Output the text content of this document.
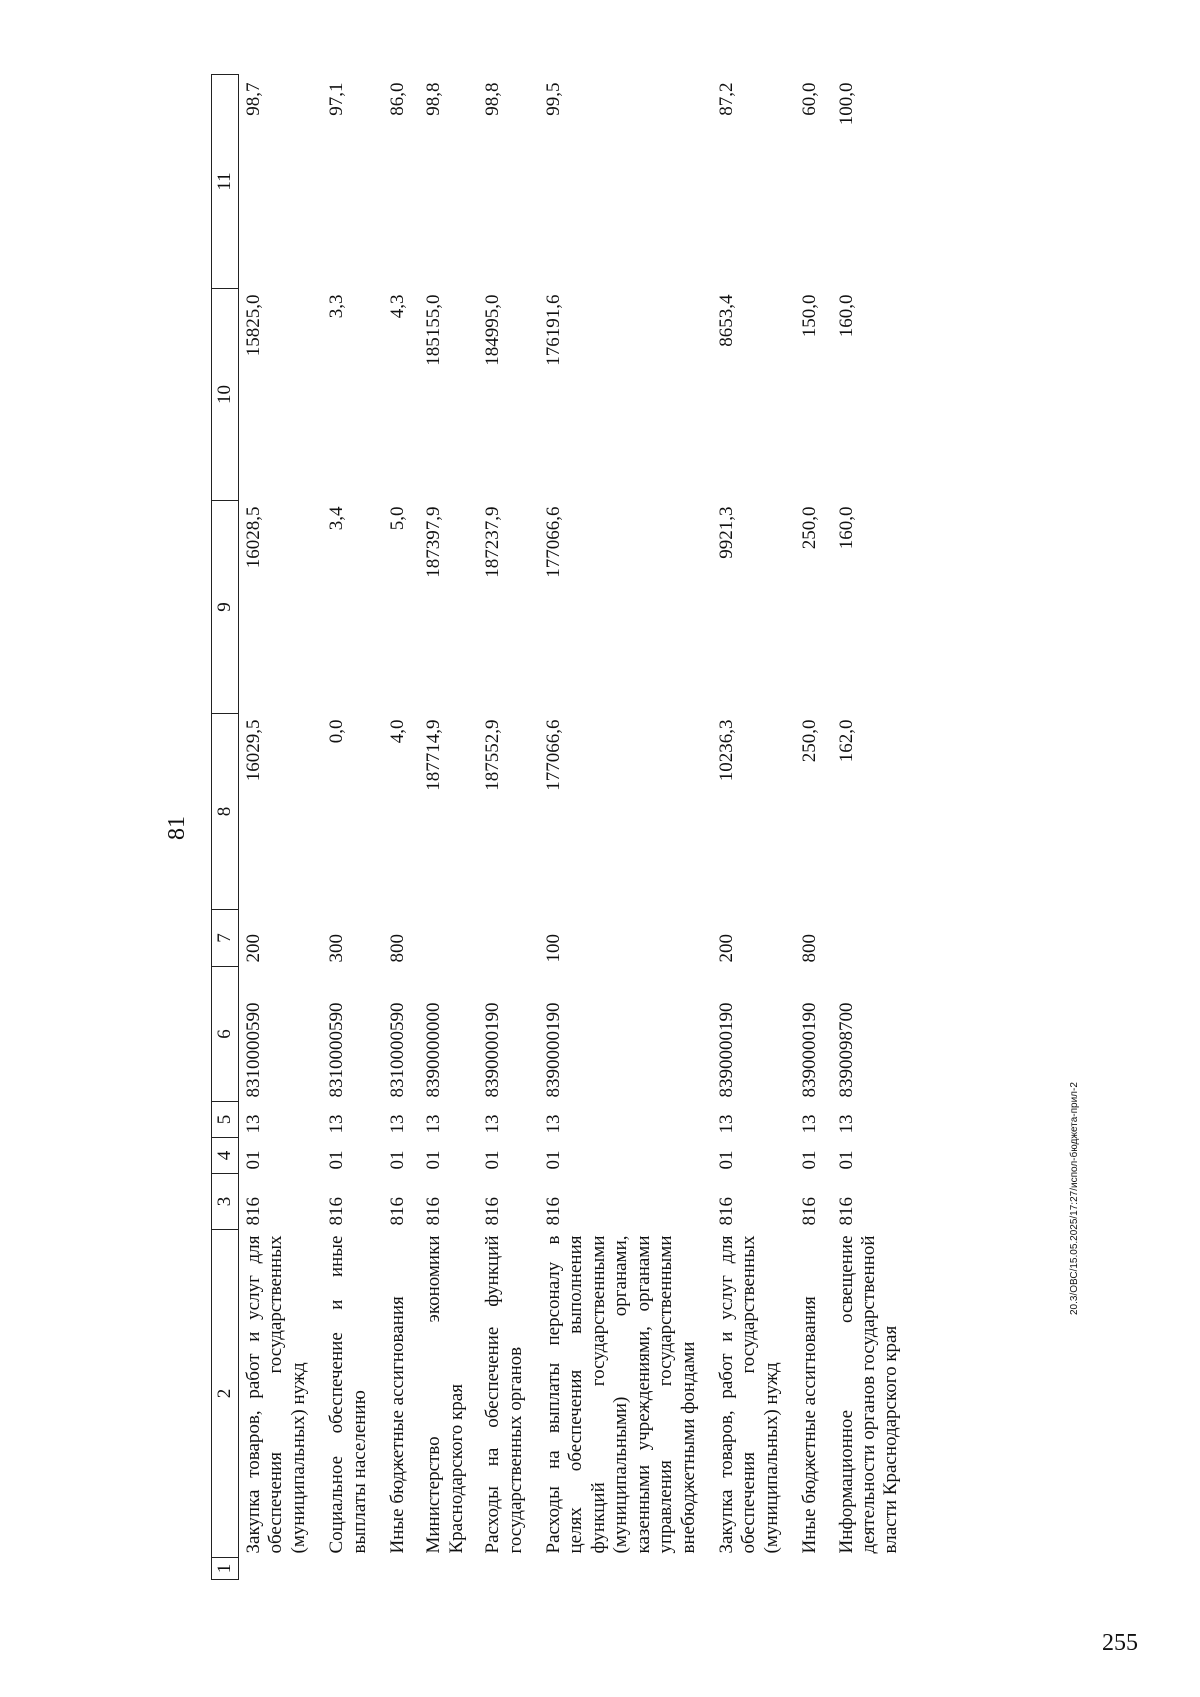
81
1	2	3	4	5	6	7	8	9	10	11
	Закупка товаров, работ и услуг для обеспечения государственных (муниципальных) нужд	816	01	13	8310000590	200	16029,5	16028,5	15825,0	98,7
	Социальное обеспечение и иные выплаты населению	816	01	13	8310000590	300	0,0	3,4	3,3	97,1
	Иные бюджетные ассигнования	816	01	13	8310000590	800	4,0	5,0	4,3	86,0
	Министерство экономики Краснодарского края	816	01	13	8390000000		187714,9	187397,9	185155,0	98,8
	Расходы на обеспечение функций государственных органов	816	01	13	8390000190		187552,9	187237,9	184995,0	98,8
	Расходы на выплаты персоналу в целях обеспечения выполнения функций государственными (муниципальными) органами, казенными учреждениями, органами управления государственными внебюджетными фондами	816	01	13	8390000190	100	177066,6	177066,6	176191,6	99,5
	Закупка товаров, работ и услуг для обеспечения государственных (муниципальных) нужд	816	01	13	8390000190	200	10236,3	9921,3	8653,4	87,2
	Иные бюджетные ассигнования	816	01	13	8390000190	800	250,0	250,0	150,0	60,0
	Информационное освещение деятельности органов государственной власти Краснодарского края	816	01	13	8390098700		162,0	160,0	160,0	100,0
20.3/ОВС/15.05.2025/17:27/испол-бюджета-прил-2
255
